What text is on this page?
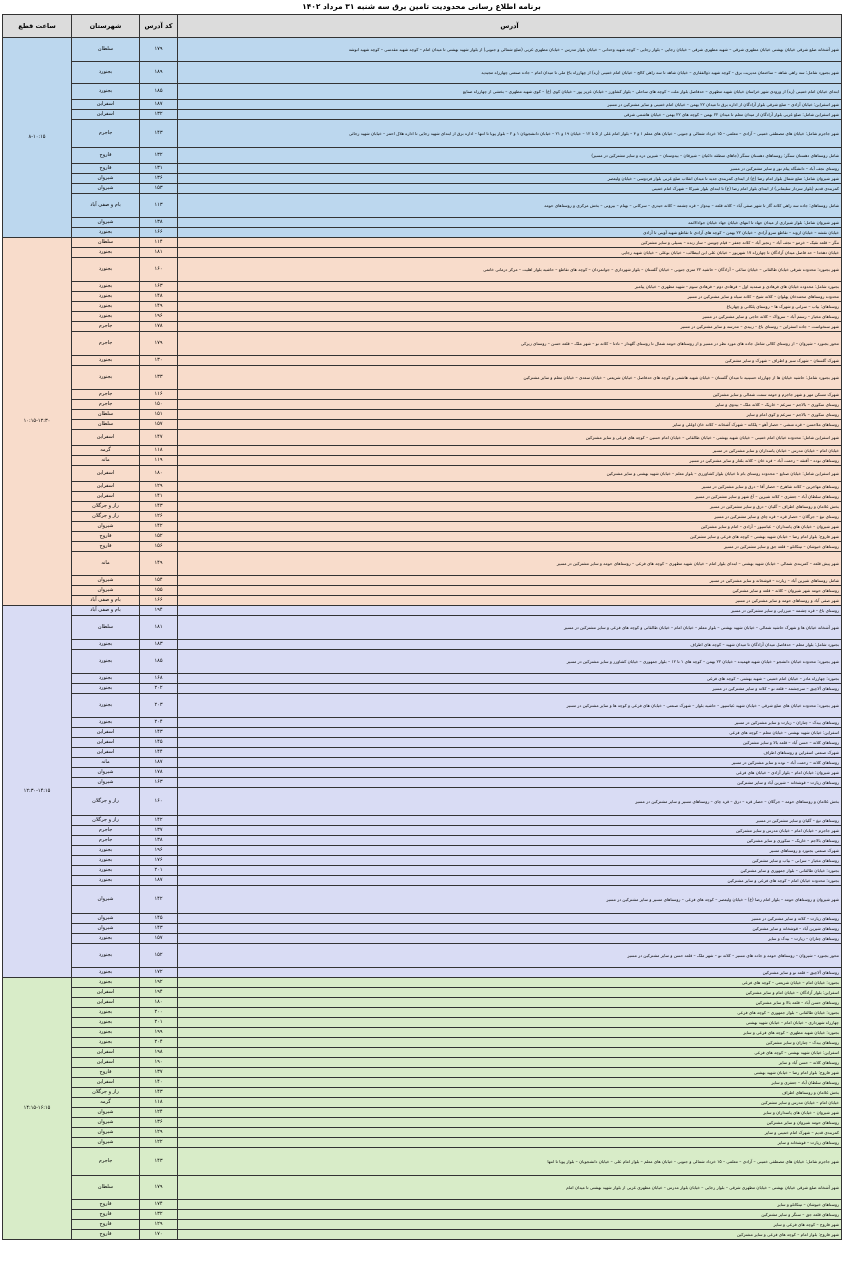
برنامه اطلاع رسانی محدودیت تامین برق سه شنبه ۳۱ مرداد ۱۴۰۲
آدرس	کد آدرس	شهرستان	ساعت قطع
شهر آشخانه ضلع شرقی خیابان بهشتی خیابان مطهری شرقی – شهید مطهری شرقی – خیابان رجایی – بلوار رجایی – کوچه شهید وحدانی – خیابان بلوار مدرس – خیابان مطهری غربی (ضلع شمالی و جنوبی) از بلوار شهید بهشتی تا میدان امام – کوچه شهید مقدسی – کوچه شهید انوشه	۱۷۹	سلطان	۸-۱۰:۱۵
شهر بجنورد شامل: سه راهی شاهد – ساختمان مدیریت برق – کوچه شهید ذوالفقاری – خیابان شاهد تا سه راهی کالج – خیابان امام خمینی (ره) از چهارراه باغ ملی تا میدان امام – جاده صنعتی چهارراه مجیدیه	۱۸۹	بجنورد	
ابتدای خیابان امام خمینی (ره) از ورودی شهر خراسان خیابان شهید مطهری – حدفاصل بلوار ملت – کوچه های ساحلی – بلوار کشاورز – خیابان عزیز پور – خیابان کوی (ع) – کوی شهید مطهری – بخشی از چهارراه صنایع	۱۸۵	بجنورد	
شهر اسفراین: خیابان آزادی – ضلع شرقی بلوار آزادگان از اداره برق تا میدان ۲۲ بهمن – خیابان امام خمینی و سایر مشترکین در مسیر	۱۸۷	اسفراین	
شهر اسفراین شامل: ضلع غربی بلوار آزادگان از میدان معلم تا میدان ۲۲ بهمن – کوچه های ۲۲ بهمن – خیابان هاشمی شرقی	۱۳۲	اسفراین	
شهر جاجرم شامل: خیابان های مصطفی خمینی – آزادی – معلمی – ۱۵ خرداد شمالی و جنوبی – خیابان های معلم ۱ و ۳ – بلوار امام علی از ۵ تا ۱۲ – خیابان ۱۹ و ۲۱ – خیابان دانشجویان ۱ و ۲ – بلوار پویا تا انتها – اداره برق از ابتدای شهید رجایی تا اداره هلال احمر – خیابان شهید رجائی	۱۴۳	جاجرم	
شامل روستاهای دهستان سنگر: روستاهای دهستان سنگر (جاهای منطقه داغیان – شیرقان – بیدوستان – شیرین دره و سایر مشترکین در مسیر)	۱۳۲	فاروج	
روستای نجف آباد – دانشگاه پیام نور و سایر مشترکین در مسیر	۱۳۱	فاروج	
شهر شیروان شامل: ضلع شمال بلوار امام رضا (ع) از ابتدای کمربندی جدید تا میدان انقلاب ضلع غربی بلوار فردوسی – خیابان ولیعصر	۱۳۶	شیروان	
کمربندی قدیم (بلوار سردار سلیمانی) از ابتدای بلوار امام رضا (ع) تا ابتدای بلوار شیرکا – شهرک امام خمینی	۱۵۳	شیروان	
شامل روستاهای: جاده سه راهی کلاته گاز تا شهر صفی آباد – کلاته قلعه – بیدواز – قره چشمه – کلاته حیدری – سرکانی – بهنام – بیرونی – بخش مرکزی و روستاهای حومه	۱۱۳	بام و صفی آباد	
شهر شیروان شامل: بلوار شیرازی از میدان جهاد تا انتهای خیابان جهاد خیابان جوادالائمه	۱۳۸	شیروان	
خیابان نقشه – خیابان اروند – تقاطع سرو آزادی – خیابان ۲۲ بهمن – کوچه های آزادی تا تقاطع شهید آوینی تا آزادی	۱۶۶	بجنورد	
ننگر – قلعه نقیک – خرمو – نجف آباد – زنجیر آباد – کلاته جعفر – قیام چویس – ساز زنده – بسیلی و سایر مشترکین	۱۱۴	سلطان	۱۰:۱۵-۱۲:۳۰
خیابان دهخدا – حد فاصل میدان آزادگان تا چهارراه ۱۷ شهریور – خیابان علی ابن ابیطالب – خیابان بوعلی – خیابان شهید رجایی	۱۸۱	بجنورد	
شهر بجنورد: محدوده شرقی خیابان طالقانی – خیابان ساعی – آزادگان – حاشیه ۲۲ متری جنوبی – خیابان گلستان – بلوار شهرداری – جوانمردان – کوچه های تقاطع – حاشیه بلوار اهلیت – مرکز درمانی خاتمی	۱۶۰	بجنورد	
بجنورد شامل: محدوده خیابان های فرهادی و صمدیه اول – فرهادی دوم – فرهادی سوم – شهید مطهری – خیابان پیامبر	۱۶۳	بجنورد	
محدوده روستاهای محمدخان پهلوان – کلاته شیخ – کلاته سیاه و سایر مشترکین در مسیر	۱۴۸	بجنورد	
روستاهای: بیاب – سرانی و شهرک ها – روستای پلکانی و چهارباغ	۱۴۹	بجنورد	
روستاهای مخیار – رستم آباد – سرواک – کلاته حاجی و سایر مشترکین در مسیر	۱۹۶	بجنورد	
شهر سنخواست – جاده اسفراین – روستای باغ – زبیدی – مدرسه و سایر مشترکین در مسیر	۱۷۸	جاجرم	
محور بجنورد – شیروان – از روستای کلالی شامل جاده های مورد نظر در مسیر و از روستاهای حومه شمال تا روستای گلهدار – تادتا – کلاته نو – شهر ملک – قلعه حسن – روستای زیرکی	۱۷۹	جاجرم	
شهرک گلستان – شهرک سبز و اطراف – شهرک و سایر مشترکین	۱۳۰	بجنورد	
شهر بجنورد شامل: حاشیه خیابان ها از چهارراه حسینیه تا میدان گلستان – خیابان شهید هاشمی و کوچه های حدفاصل – خیابان شریعتی – خیابان سعدی – خیابان معلم و سایر مشترکین	۱۳۳	بجنورد	
شهرک مسکن مهر و شهر جاجرم و حومه سمت شمالی و سایر مشترکین	۱۱۶	جاجرم	
روستای سکوری – بالاجم – سرعم – خاریک – کلاته ملک – بیدوی و سایر	۱۵۰	جاجرم	
روستای سکوری – بالاجم – سرعم و کوی امام و سایر	۱۵۱	سلطان	
روستاهای ملاحسن – قره منشی – حصار آهو – پلکانه – شهرک آشخانه – کلاته خان اوغلی و سایر	۱۵۷	سلطان	
شهر اسفراین شامل: محدوده خیابان امام خمینی – خیابان شهید بهشتی – خیابان طالقانی – خیابان امام حسین – کوچه های فرعی و سایر مشترکین	۱۴۷	اسفراین	
خیابان امام – خیابان مدرس – خیابان پاسداران و سایر مشترکین در مسیر	۱۱۸	گرمه	
روستاهای نوده – آقتقه – رحمت آباد – قره خان – کلاته بلغار و سایر مشترکین در مسیر	۱۱۹	مانه	
شهر اسفراین شامل: خیابان صنایع – محدوده روستای بام تا خیابان بلوار کشاورزی – بلوار معلم – خیابان شهید بهشتی و سایر مشترکین	۱۸۰	اسفراین	
روستاهای مهاجرین – کلاته شاهرخ – حصار آقا – درق و سایر مشترکین در مسیر	۱۲۹	اسفراین	
روستاهای سلطان آباد – جعفری – کلاته شیرین – آغ شهر و سایر مشترکین در مسیر	۱۴۱	اسفراین	
بخش غلامان و روستاهای اطراف – گلیان – درق و سایر مشترکین در مسیر	۱۴۳	راز و جرگلان	
روستای تیغ – جرگلان – حصار قره – قره چای و سایر مشترکین در مسیر	۱۲۶	راز و جرگلان	
شهر شیروان – خیابان های پاسداران – عباسپور – آزادی – امام و سایر مشترکین	۱۴۲	شیروان	
شهر فاروج: بلوار امام رضا – خیابان شهید بهشتی – کوچه های فرعی و سایر مشترکین	۱۵۲	فاروج	
روستاهای خبوشان – تیتکانلو – قلعه جق و سایر مشترکین در مسیر	۱۵۶	فاروج	
شهر پیش قلعه – کمربندی شمالی – خیابان شهید بهشتی – ابتدای بلوار امام – خیابان شهید مطهری – کوچه های فرعی – روستاهای حومه و سایر مشترکین در مسیر	۱۴۹	مانه	
شامل روستاهای شیرین آباد – زیارت – قوشخانه و سایر مشترکین در مسیر	۱۵۴	شیروان	
روستاهای حومه شهر شیروان – کلاته – قلعه و سایر مشترکین	۱۵۵	شیروان	
شهر صفی آباد و روستاهای حومه و سایر مشترکین در مسیر	۱۶۶	بام و صفی آباد	
روستای باغ – قره چشمه – میرزایی و سایر مشترکین در مسیر	۱۹۴	بام و صفی آباد	۱۲:۳۰-۱۴:۱۵
شهر آشخانه خیابان ها و شهرک حاشیه شمالی – خیابان شهید بهشتی – بلوار معلم – خیابان امام – خیابان طالقانی و کوچه های فرعی و سایر مشترکین در مسیر	۱۸۱	سلطان	
بجنورد شامل: بلوار معلم – حدفاصل میدان آزادگان تا میدان شهید – کوچه های اطراف	۱۸۳	بجنورد	
شهر بجنورد: محدوده خیابان دانشجو – خیابان شهید فهمیده – خیابان ۲۲ بهمن – کوچه های ۱ تا ۱۲ – بلوار جمهوری – خیابان کشاورز و سایر مشترکین در مسیر	۱۸۵	بجنورد	
بجنورد: چهارراه مادر – خیابان امام خمینی – شهید بهشتی – کوچه های فرعی	۱۶۸	بجنورد	
روستاهای آلاچیق – سرچشمه – قلعه نو – کلاته و سایر مشترکین در مسیر	۲۰۲	بجنورد	
شهر بجنورد: محدوده خیابان های ضلع شرقی – خیابان شهید عباسپور – حاشیه بلوار – شهرک صنعتی – خیابان های فرعی و کوچه ها و سایر مشترکین در مسیر	۲۰۳	بجنورد	
روستاهای بیدک – چناران – زیارت و سایر مشترکین در مسیر	۲۰۴	بجنورد	
اسفراین: خیابان شهید بهشتی – خیابان معلم – کوچه های فرعی	۱۴۳	اسفراین	
روستاهای کلاته – حسن آباد – قلعه بالا و سایر مشترکین	۱۴۵	اسفراین	
شهرک صنعتی اسفراین و روستاهای اطراف	۱۴۴	اسفراین	
روستاهای کلاته – رحمت آباد – نوده و سایر مشترکین در مسیر	۱۸۷	مانه	
شهر شیروان: خیابان امام – بلوار آزادی – خیابان های فرعی	۱۷۸	شیروان	
روستاهای زیارت – قوشخانه – شیرین آباد و سایر مشترکین	۱۶۳	شیروان	
بخش غلامان و روستاهای حومه – جرگلان – حصار قره – درق – قره چای – روستاهای مسیر و سایر مشترکین در مسیر	۱۶۰	راز و جرگلان	
روستاهای تیغ – گلیان و سایر مشترکین در مسیر	۱۴۲	راز و جرگلان	
شهر جاجرم – خیابان امام – خیابان مدرس و سایر مشترکین	۱۳۷	جاجرم	
روستاهای بالاجم – خاریک – سکوری و سایر مشترکین	۱۳۸	جاجرم	
شهرک صنعتی بجنورد و روستاهای مسیر	۱۹۶	بجنورد	
روستاهای مخیار – سرانی – بیاب و سایر مشترکین	۱۷۶	بجنورد	
بجنورد: خیابان طالقانی – بلوار جمهوری و سایر مشترکین	۲۰۱	بجنورد	
بجنورد: محدوده خیابان امام – کوچه های فرعی و سایر مشترکین	۱۸۷	بجنورد	
شهر شیروان و روستاهای حومه – بلوار امام رضا (ع) – خیابان ولیعصر – کوچه های فرعی – روستاهای مسیر و سایر مشترکین در مسیر	۱۴۲	شیروان	
روستاهای زیارت – کلاته و سایر مشترکین در مسیر	۱۴۵	شیروان	
روستاهای شیرین آباد – قوشخانه و سایر مشترکین	۱۴۳	شیروان	
روستاهای چناران – زیارت – بیدک و سایر	۱۵۷	بجنورد	
محور بجنورد – شیروان – روستاهای حومه و جاده های مسیر – کلاته نو – شهر ملک – قلعه حسن و سایر مشترکین در مسیر	۱۵۲	بجنورد	
روستاهای آلاچیق – قلعه نو و سایر مشترکین	۱۷۲	بجنورد	
بجنورد: خیابان امام – خیابان شریعتی – کوچه های فرعی	۱۹۲	بجنورد	۱۴:۱۵-۱۶:۱۵
اسفراین: بلوار آزادگان – خیابان امام و سایر مشترکین	۱۹۴	اسفراین	
روستاهای حسن آباد – قلعه بالا و سایر مشترکین	۱۸۰	اسفراین	
بجنورد: خیابان طالقانی – بلوار جمهوری – کوچه های فرعی	۲۰۰	بجنورد	
چهارراه شهرداری – خیابان امام – خیابان شهید بهشتی	۲۰۱	بجنورد	
بجنورد: خیابان شهید مطهری – کوچه های فرعی و سایر	۱۹۹	بجنورد	
روستاهای بیدک – چناران و سایر مشترکین	۲۰۴	بجنورد	
اسفراین: خیابان شهید بهشتی – کوچه های فرعی	۱۹۸	اسفراین	
روستاهای کلاته – حسن آباد و سایر	۱۹۰	اسفراین	
شهر فاروج: بلوار امام رضا – خیابان شهید بهشتی	۱۳۷	فاروج	
روستاهای سلطان آباد – جعفری و سایر	۱۴۰	اسفراین	
بخش غلامان و روستاهای اطراف	۱۴۳	راز و جرگلان	
خیابان امام – خیابان مدرس و سایر مشترکین	۱۱۸	گرمه	
شهر شیروان – خیابان های پاسداران و سایر	۱۲۴	شیروان	
روستاهای حومه شیروان و سایر مشترکین	۱۳۶	شیروان	
کمربندی قدیم – شهرک امام خمینی و سایر	۱۲۹	شیروان	
روستاهای زیارت – قوشخانه و سایر	۱۲۲	شیروان	
شهر جاجرم شامل: خیابان های مصطفی خمینی – آزادی – معلمی – ۱۵ خرداد شمالی و جنوبی – خیابان های معلم – بلوار امام علی – خیابان دانشجویان – بلوار پویا تا انتها	۱۴۳	جاجرم	
شهر آشخانه ضلع شرقی خیابان بهشتی – خیابان مطهری شرقی – بلوار رجایی – خیابان بلوار مدرس – خیابان مطهری غربی از بلوار شهید بهشتی تا میدان امام	۱۷۹	سلطان	
روستاهای خبوشان – تیتکانلو و سایر	۱۷۴	فاروج	
روستاهای قلعه جق – سنگر و سایر مشترکین	۱۳۲	فاروج	
شهر فاروج – کوچه های فرعی و سایر	۱۲۹	فاروج	
شهر فاروج: بلوار امام – کوچه های فرعی و سایر مشترکین	۱۷۰	فاروج	
